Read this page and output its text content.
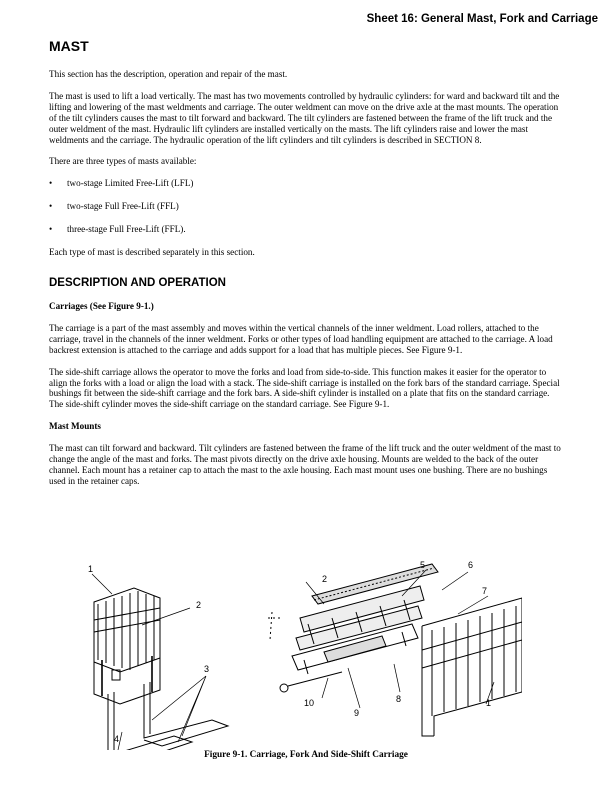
Sheet 16: General Mast, Fork and Carriage
MAST

This section has the description, operation and repair of the mast.

The mast is used to lift a load vertically. The mast has two movements controlled by hydraulic cylinders: for ward and backward tilt and the lifting and lowering of the mast weldments and carriage. The outer weldment can move on the drive axle at the mast mounts. The operation of the tilt cylinders causes the mast to tilt forward and backward. The tilt cylinders are fastened between the frame of the lift truck and the outer weldment of the mast. Hydraulic lift cylinders are installed vertically on the masts. The lift cylinders raise and lower the mast weldments and the carriage. The hydraulic operation of the lift cylinders and tilt cylinders is described in SECTION 8.

There are three types of masts available:

• two-stage Limited Free-Lift (LFL)
• two-stage Full Free-Lift (FFL)
• three-stage Full Free-Lift (FFL).

Each type of mast is described separately in this section.

DESCRIPTION AND OPERATION

Carriages (See Figure 9-1.)

The carriage is a part of the mast assembly and moves within the vertical channels of the inner weldment. Load rollers, attached to the carriage, travel in the channels of the inner weldment. Forks or other types of load handling equipment are attached to the carriage. A load backrest extension is attached to the carriage and adds support for a load that has multiple pieces. See Figure 9-1.

The side-shift carriage allows the operator to move the forks and load from side-to-side. This function makes it easier for the operator to align the forks with a load or align the load with a stack. The side-shift carriage is installed on the fork bars of the standard carriage. Special bushings fit between the side-shift carriage and the fork bars. A side-shift cylinder is installed on a plate that fits on the standard carriage. The side-shift cylinder moves the side-shift carriage on the standard carriage. See Figure 9-1.

Mast Mounts

The mast can tilt forward and backward. Tilt cylinders are fastened between the frame of the lift truck and the outer weldment of the mast to change the angle of the mast and forks. The mast pivots directly on the drive axle housing. Mounts are welded to the back of the outer channel. Each mount has a retainer cap to attach the mast to the axle housing. Each mast mount uses one bushing. There are no bushings used in the retainer caps.

1
2
3
4
2
5	6
7
1
8
9
10
Figure 9-1. Carriage, Fork And Side-Shift Carriage
